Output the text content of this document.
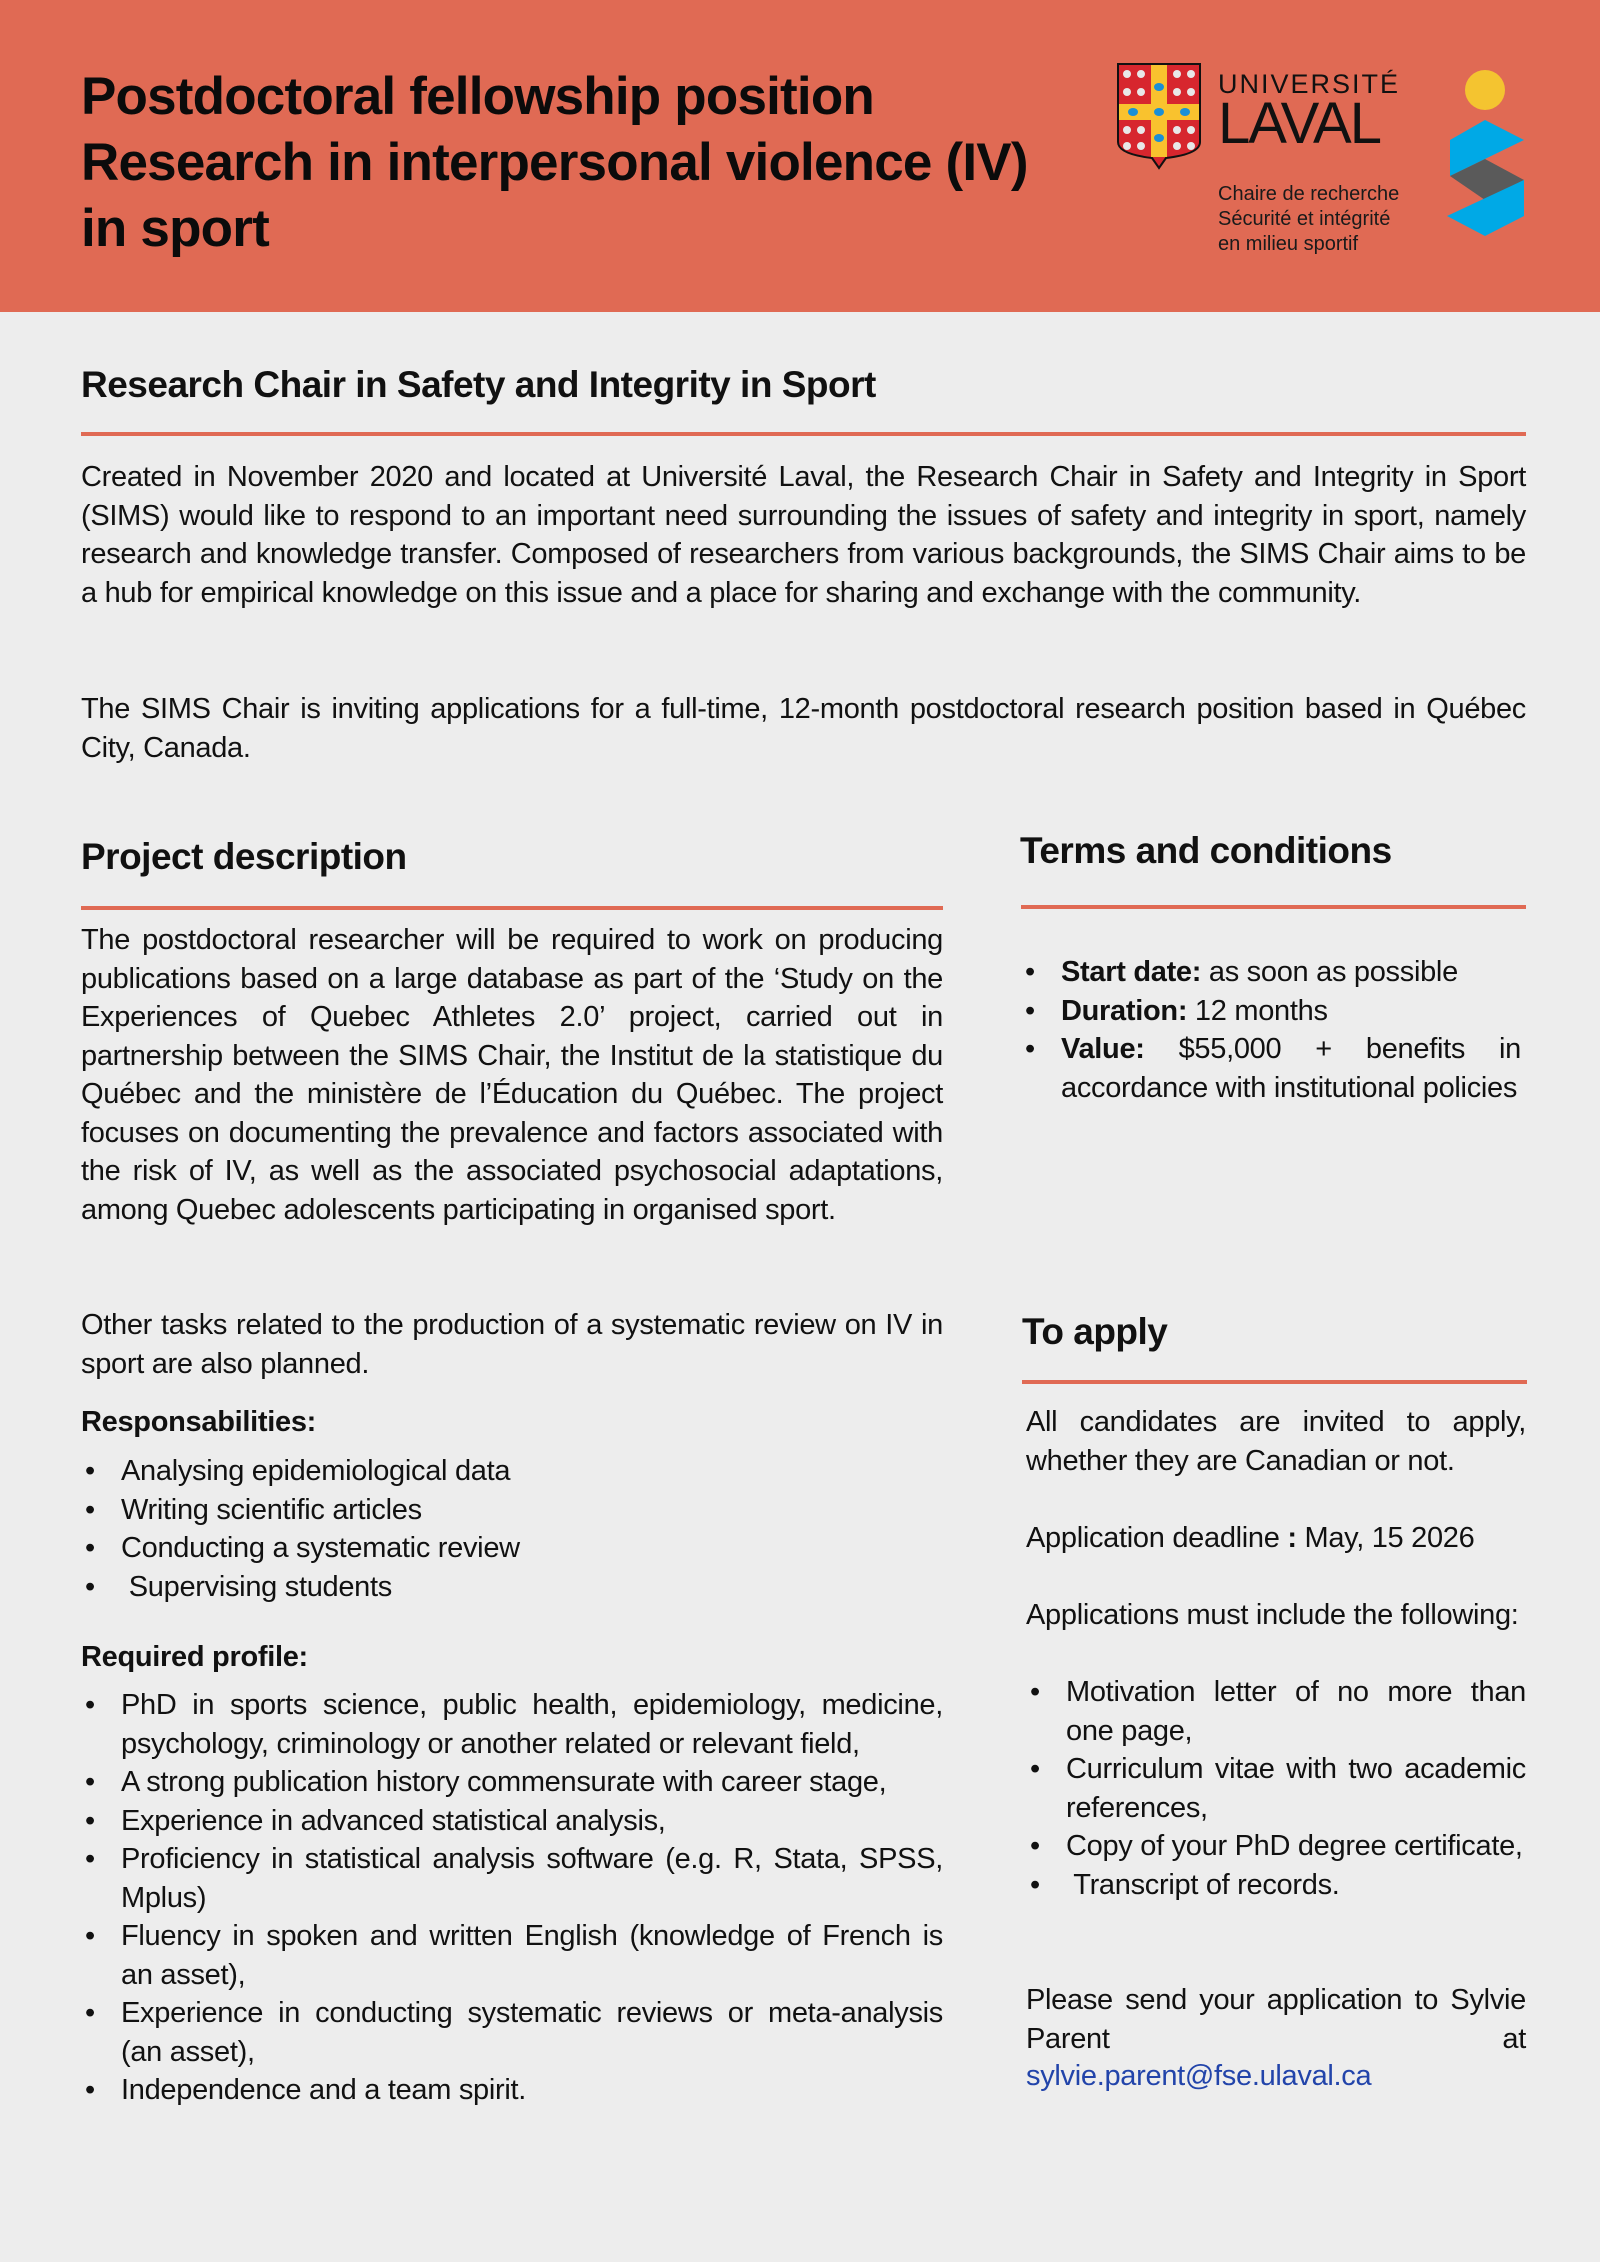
Postdoctoral fellowship position
Research in interpersonal violence (IV)
in sport
UNIVERSITÉ
LAVAL
Chaire de recherche
Sécurité et intégrité
en milieu sportif
Research Chair in Safety and Integrity in Sport
Created in November 2020 and located at Université Laval, the Research Chair in Safety and Integrity in Sport (SIMS) would like to respond to an important need surrounding the issues of safety and integrity in sport, namely research and knowledge transfer. Composed of researchers from various backgrounds, the SIMS Chair aims to be a hub for empirical knowledge on this issue and a place for sharing and exchange with the community.
The SIMS Chair is inviting applications for a full-time, 12-month postdoctoral research position based in Québec City, Canada.
Project description
The postdoctoral researcher will be required to work on producing publications based on a large database as part of the ‘Study on the Experiences of Quebec Athletes 2.0’ project, carried out in partnership between the SIMS Chair, the Institut de la statistique du Québec and the ministère de l’Éducation du Québec. The project focuses on documenting the prevalence and factors associated with the risk of IV, as well as the associated psychosocial adaptations, among Quebec adolescents participating in organised sport.
Other tasks related to the production of a systematic review on IV in sport are also planned.
Responsabilities:
• Analysing epidemiological data
• Writing scientific articles
• Conducting a systematic review
•  Supervising students
Required profile:
• PhD in sports science, public health, epidemiology, medicine, psychology, criminology or another related or relevant field,
• A strong publication history commensurate with career stage,
• Experience in advanced statistical analysis,
• Proficiency in statistical analysis software (e.g. R, Stata, SPSS, Mplus)
• Fluency in spoken and written English (knowledge of French is an asset),
• Experience in conducting systematic reviews or meta-analysis (an asset),
• Independence and a team spirit.
Terms and conditions
• Start date: as soon as possible
• Duration: 12 months
• Value: $55,000 + benefits in accordance with institutional policies
To apply
All candidates are invited to apply, whether they are Canadian or not.
Application deadline : May, 15 2026
Applications must include the following:
• Motivation letter of no more than one page,
• Curriculum vitae with two academic references,
• Copy of your PhD degree certificate,
•  Transcript of records.
Please send your application to Sylvie Parent at
sylvie.parent@fse.ulaval.ca
